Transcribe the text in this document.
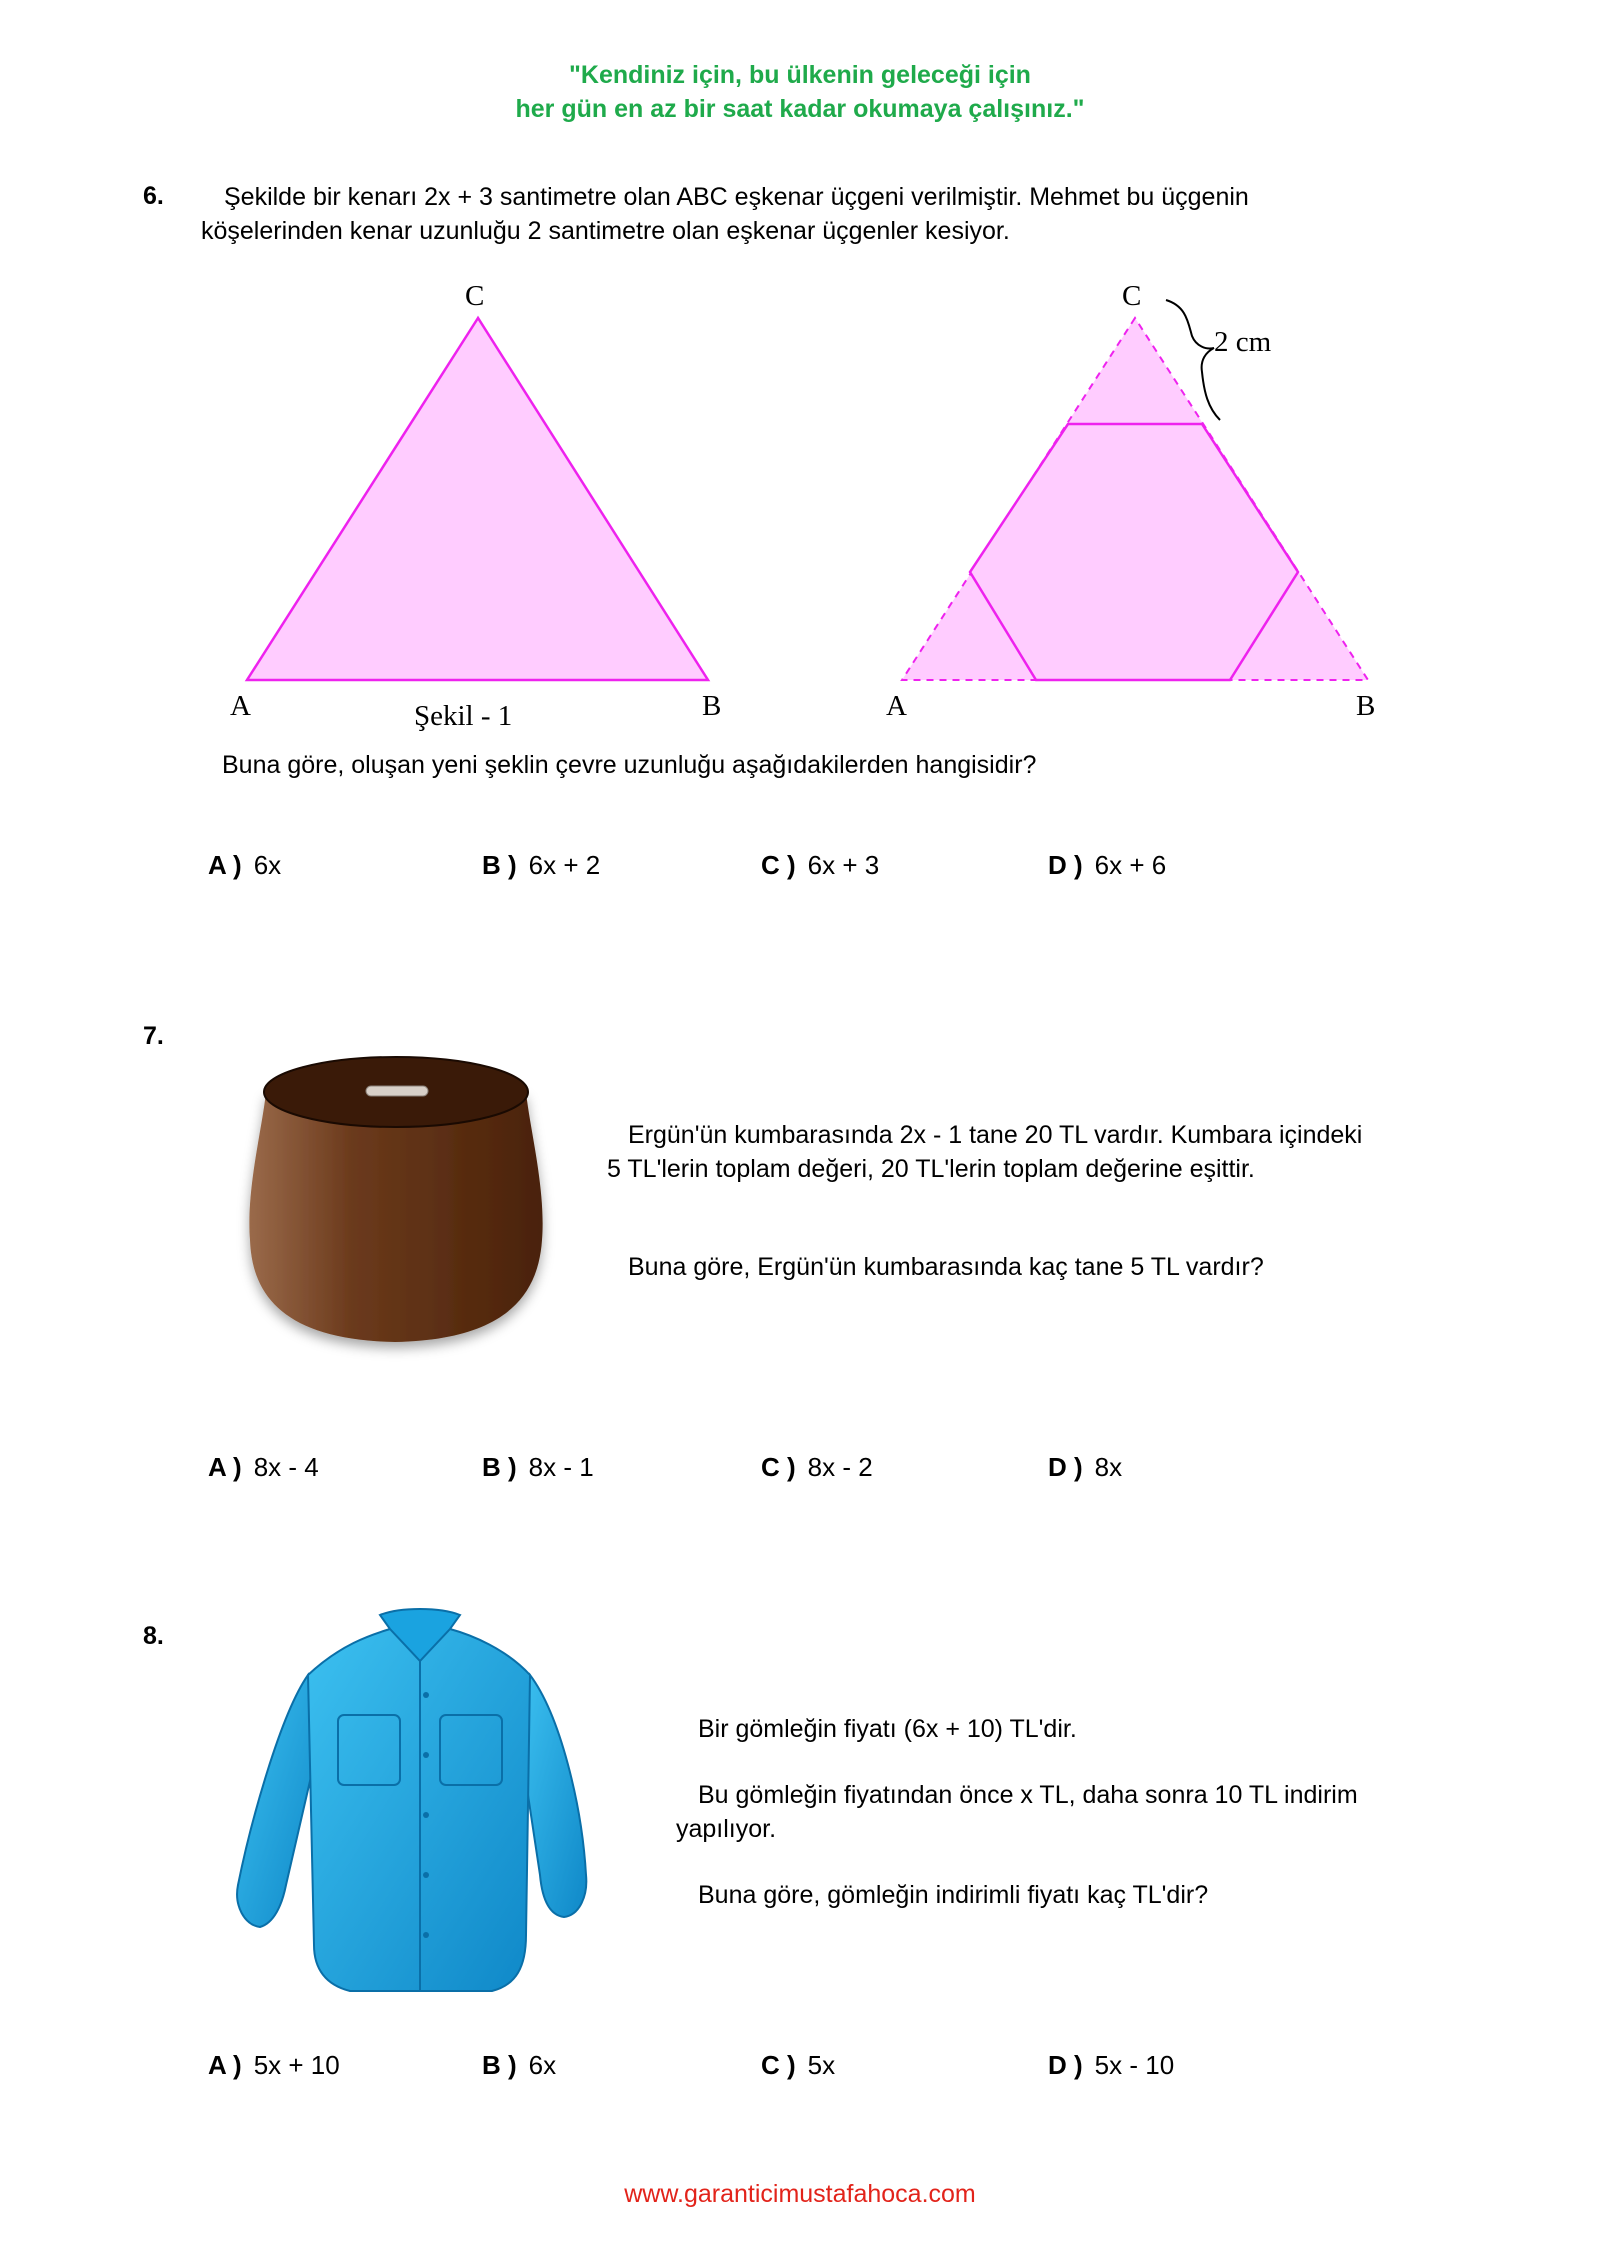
"Kendiniz için, bu ülkenin geleceği için
her gün en az bir saat kadar okumaya çalışınız."
6. Şekilde bir kenarı 2x + 3 santimetre olan ABC eşkenar üçgeni verilmiştir. Mehmet bu üçgenin
köşelerinden kenar uzunluğu 2 santimetre olan eşkenar üçgenler kesiyor.
C
A	B
Şekil - 1
C
2 cm
A	B
Buna göre, oluşan yeni şeklin çevre uzunluğu aşağıdakilerden hangisidir?
A ) 6x	B ) 6x + 2	C ) 6x + 3	D ) 6x + 6
7.
Ergün'ün kumbarasında 2x - 1 tane 20 TL vardır. Kumbara içindeki
5 TL'lerin toplam değeri, 20 TL'lerin toplam değerine eşittir.
Buna göre, Ergün'ün kumbarasında kaç tane 5 TL vardır?
A ) 8x - 4	B ) 8x - 1	C ) 8x - 2	D ) 8x
8.
Bir gömleğin fiyatı (6x + 10) TL'dir.
Bu gömleğin fiyatından önce x TL, daha sonra 10 TL indirim
yapılıyor.
Buna göre, gömleğin indirimli fiyatı kaç TL'dir?
A ) 5x + 10	B ) 6x	C ) 5x	D ) 5x - 10
www.garanticimustafahoca.com
